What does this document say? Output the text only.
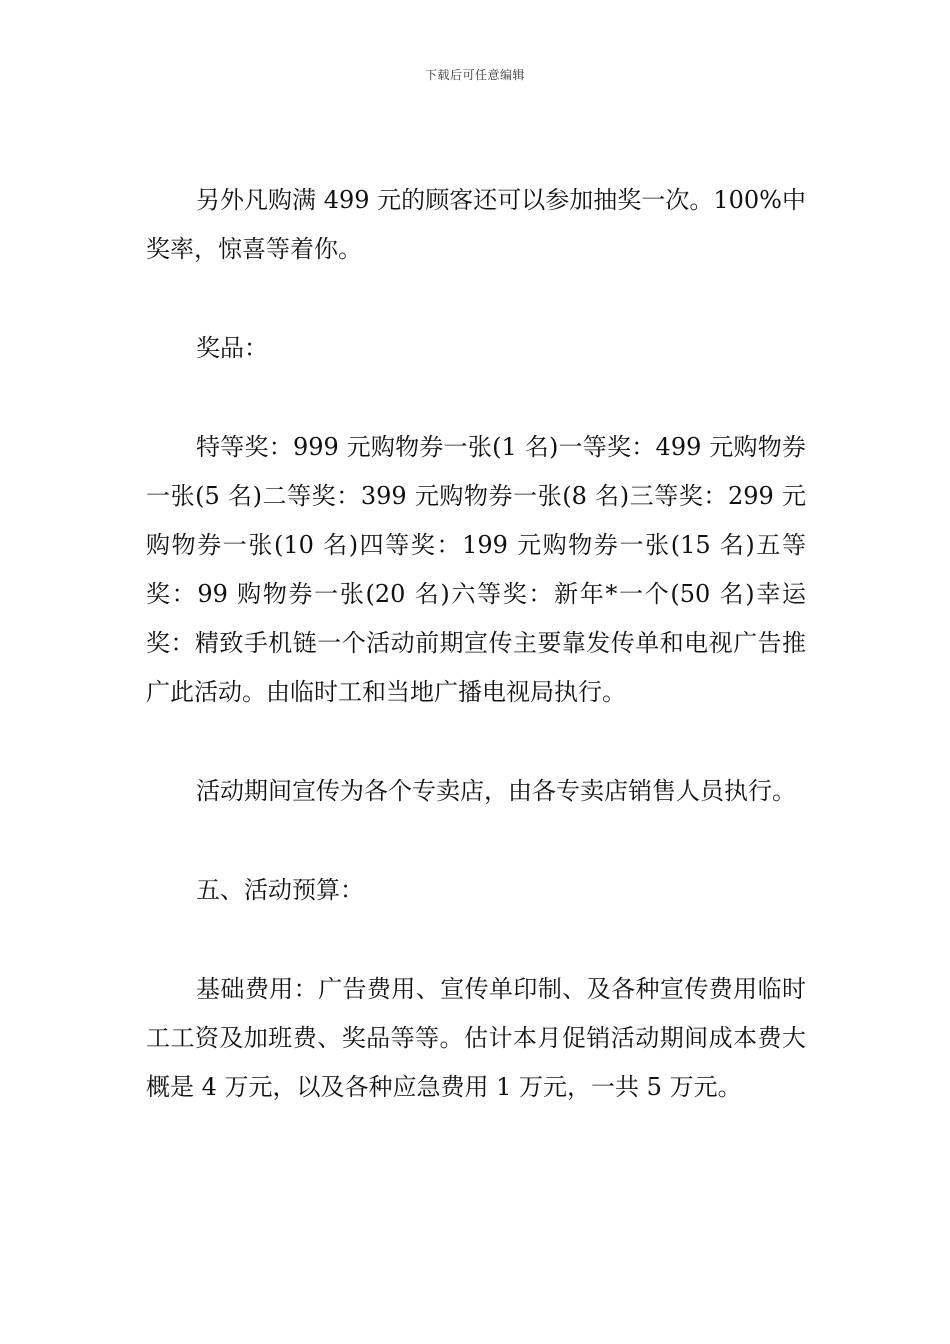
下载后可任意编辑

另外凡购满 499 元的顾客还可以参加抽奖一次。100%中奖率，惊喜等着你。

奖品：

特等奖：999 元购物券一张(1 名)一等奖：499 元购物券一张(5 名)二等奖：399 元购物券一张(8 名)三等奖：299 元购物券一张(10 名)四等奖：199 元购物券一张(15 名)五等奖：99 购物券一张(20 名)六等奖：新年*一个(50 名)幸运奖：精致手机链一个活动前期宣传主要靠发传单和电视广告推广此活动。由临时工和当地广播电视局执行。

活动期间宣传为各个专卖店，由各专卖店销售人员执行。

五、活动预算：

基础费用：广告费用、宣传单印制、及各种宣传费用临时工工资及加班费、奖品等等。估计本月促销活动期间成本费大概是 4 万元，以及各种应急费用 1 万元，一共 5 万元。
